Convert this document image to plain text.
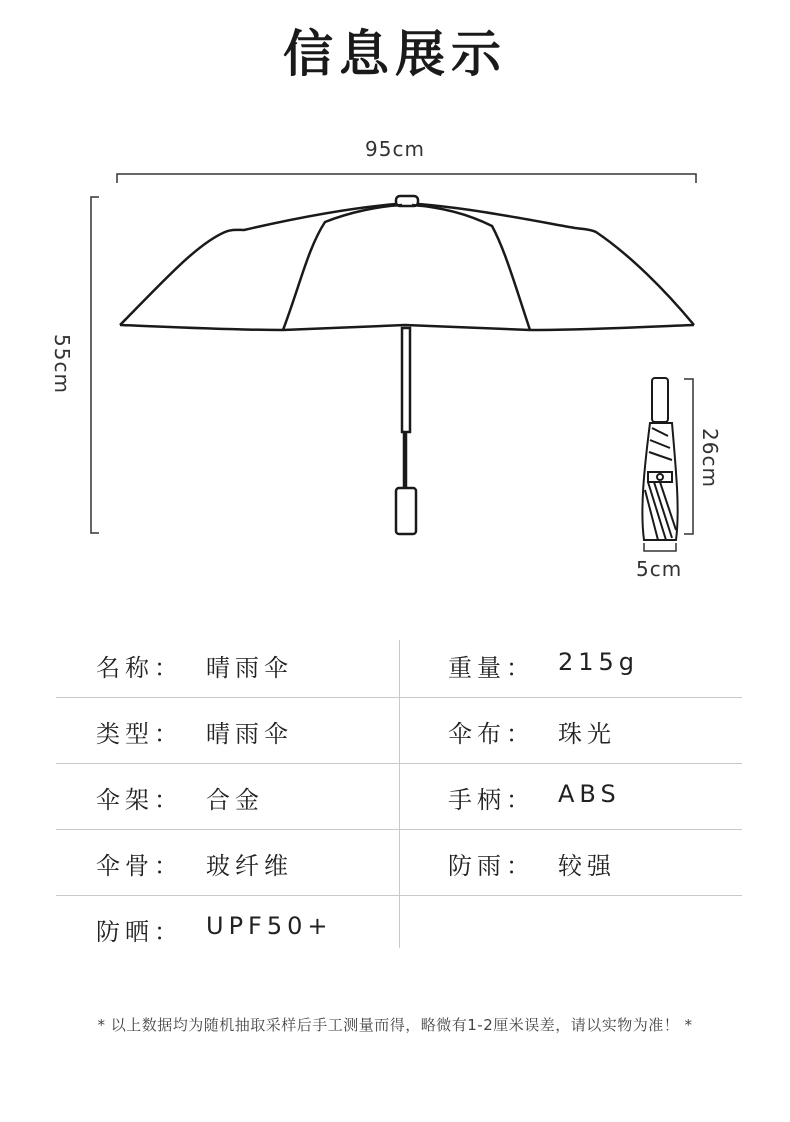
信息展示
95cm
55cm
26cm
5cm
名称： 晴雨伞	重量： 215g
类型： 晴雨伞	伞布： 珠光
伞架： 合金	手柄： ABS
伞骨： 玻纤维	防雨： 较强
防晒： UPF50+
* 以上数据均为随机抽取采样后手工测量而得，略微有1-2厘米误差，请以实物为准！ *
